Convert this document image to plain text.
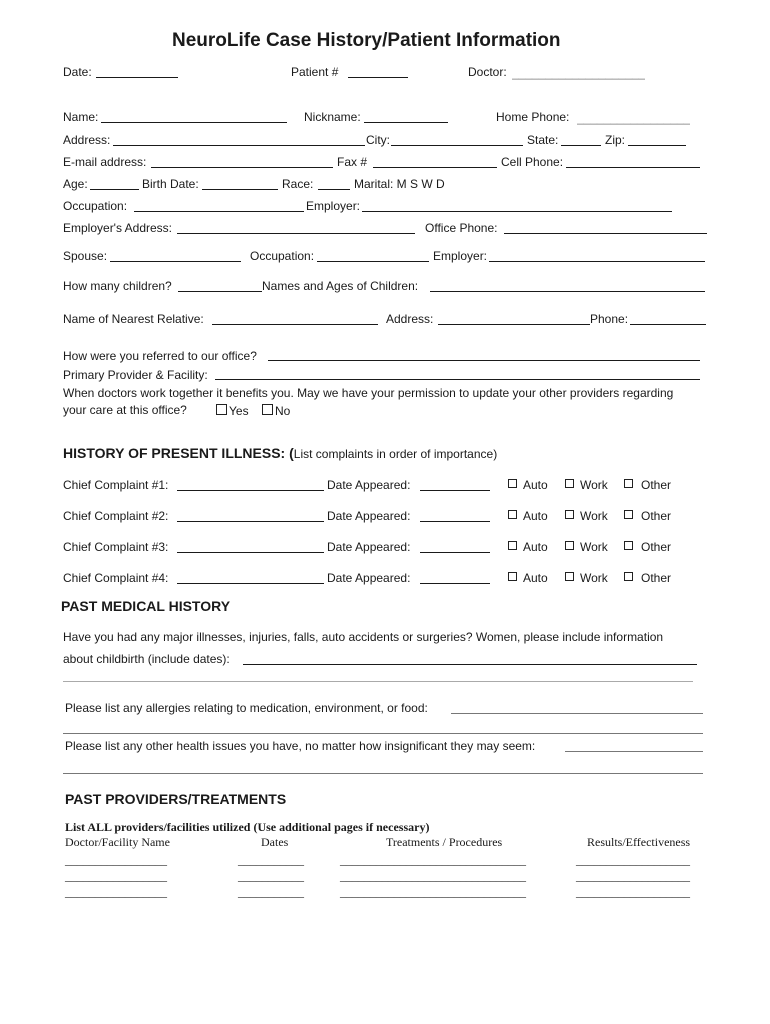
NeuroLife Case History/Patient Information
Date:	Patient #	Doctor: ____________________
Name:	Nickname:	Home Phone: _________________
Address:	City:	State:	Zip:
E-mail address:	Fax #	Cell Phone:
Age:	Birth Date:	Race:	Marital: M S W D
Occupation:	Employer:
Employer's Address:	Office Phone:
Spouse:	Occupation:	Employer:
How many children?	Names and Ages of Children:
Name of Nearest Relative:	Address:	Phone:
How were you referred to our office?
Primary Provider & Facility:
When doctors work together it benefits you. May we have your permission to update your other providers regarding
your care at this office?	Yes No
HISTORY OF PRESENT ILLNESS: (List complaints in order of importance)
Chief Complaint #1:	Date Appeared:	Auto	Work	Other
Chief Complaint #2:	Date Appeared:	Auto	Work	Other
Chief Complaint #3:	Date Appeared:	Auto	Work	Other
Chief Complaint #4:	Date Appeared:	Auto	Work	Other
PAST MEDICAL HISTORY
Have you had any major illnesses, injuries, falls, auto accidents or surgeries? Women, please include information
about childbirth (include dates):
Please list any allergies relating to medication, environment, or food:
Please list any other health issues you have, no matter how insignificant they may seem:
PAST PROVIDERS/TREATMENTS
List ALL providers/facilities utilized (Use additional pages if necessary)
Doctor/Facility Name	Dates	Treatments / Procedures	Results/Effectiveness
_________________	___________	_______________________________	___________________
_________________	___________	_______________________________	___________________
_________________	___________	_______________________________	___________________
